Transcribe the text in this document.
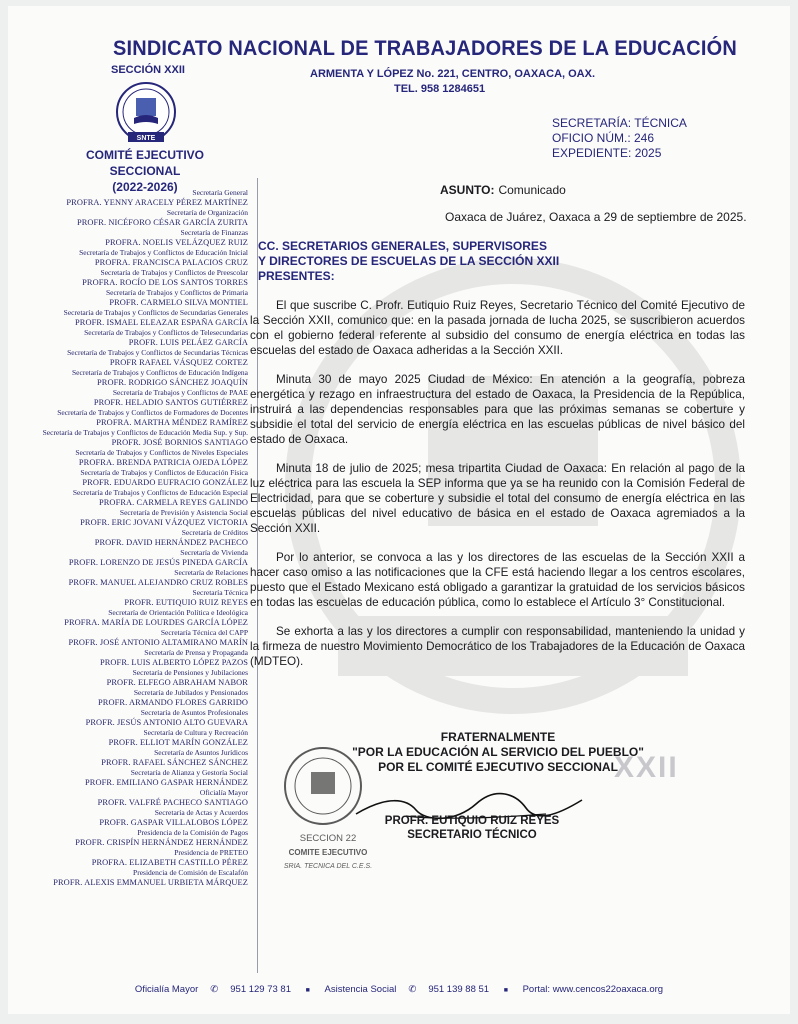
SINDICATO NACIONAL DE TRABAJADORES DE LA EDUCACIÓN
SECCIÓN XXII	ARMENTA Y LÓPEZ No. 221, CENTRO, OAXACA, OAX.
TEL. 958 1284651
SNTE
COMITÉ EJECUTIVO SECCIONAL
(2022-2026)
SECRETARÍA: TÉCNICA
OFICIO NÚM.: 246
EXPEDIENTE: 2025
ASUNTO: Comunicado
Oaxaca de Juárez, Oaxaca a 29 de septiembre de 2025.
Secretaría General
PROFRA. YENNY ARACELY PÉREZ MARTÍNEZ
Secretaría de Organización
PROFR. NICÉFORO CÉSAR GARCÍA ZURITA
Secretaría de Finanzas
PROFRA. NOELIS VELÁZQUEZ RUIZ
Secretaría de Trabajos y Conflictos de Educación Inicial
PROFRA. FRANCISCA PALACIOS CRUZ
Secretaría de Trabajos y Conflictos de Preescolar
PROFRA. ROCÍO DE LOS SANTOS TORRES
Secretaría de Trabajos y Conflictos de Primaria
PROFR. CARMELO SILVA MONTIEL
Secretaría de Trabajos y Conflictos de Secundarias Generales
PROFR. ISMAEL ELEAZAR ESPAÑA GARCÍA
Secretaría de Trabajos y Conflictos de Telesecundarias
PROFR. LUIS PELÁEZ GARCÍA
Secretaría de Trabajos y Conflictos de Secundarias Técnicas
PROFR RAFAEL VÁSQUEZ CORTEZ
Secretaría de Trabajos y Conflictos de Educación Indígena
PROFR. RODRIGO SÁNCHEZ JOAQUÍN
Secretaría de Trabajos y Conflictos de PAAE
PROFR. HELADIO SANTOS GUTIÉRREZ
Secretaría de Trabajos y Conflictos de Formadores de Docentes
PROFRA. MARTHA MÉNDEZ RAMÍREZ
Secretaría de Trabajos y Conflictos de Educación Media Sup. y Sup.
PROFR. JOSÉ BORNIOS SANTIAGO
Secretaría de Trabajos y Conflictos de Niveles Especiales
PROFRA. BRENDA PATRICIA OJEDA LÓPEZ
Secretaría de Trabajos y Conflictos de Educación Física
PROFR. EDUARDO EUFRACIO GONZÁLEZ
Secretaría de Trabajos y Conflictos de Educación Especial
PROFRA. CARMELA REYES GALINDO
Secretaría de Previsión y Asistencia Social
PROFR. ERIC JOVANI VÁZQUEZ VICTORIA
Secretaría de Créditos
PROFR. DAVID HERNÁNDEZ PACHECO
Secretaría de Vivienda
PROFR. LORENZO DE JESÚS PINEDA GARCÍA
Secretaría de Relaciones
PROFR. MANUEL ALEJANDRO CRUZ ROBLES
Secretaría Técnica
PROFR. EUTIQUIO RUIZ REYES
Secretaría de Orientación Política e Ideológica
PROFRA. MARÍA DE LOURDES GARCÍA LÓPEZ
Secretaría Técnica del CAPP
PROFR. JOSÉ ANTONIO ALTAMIRANO MARÍN
Secretaría de Prensa y Propaganda
PROFR. LUIS ALBERTO LÓPEZ PAZOS
Secretaría de Pensiones y Jubilaciones
PROFR. ELFEGO ABRAHAM NABOR
Secretaría de Jubilados y Pensionados
PROFR. ARMANDO FLORES GARRIDO
Secretaría de Asuntos Profesionales
PROFR. JESÚS ANTONIO ALTO GUEVARA
Secretaría de Cultura y Recreación
PROFR. ELLIOT MARÍN GONZÁLEZ
Secretaría de Asuntos Jurídicos
PROFR. RAFAEL SÁNCHEZ SÁNCHEZ
Secretaría de Alianza y Gestoría Social
PROFR. EMILIANO GASPAR HERNÁNDEZ
Oficialía Mayor
PROFR. VALFRÉ PACHECO SANTIAGO
Secretaría de Actas y Acuerdos
PROFR. GASPAR VILLALOBOS LÓPEZ
Presidencia de la Comisión de Pagos
PROFR. CRISPÍN HERNÁNDEZ HERNÁNDEZ
Presidencia de PRETEO
PROFRA. ELIZABETH CASTILLO PÉREZ
Presidencia de Comisión de Escalafón
PROFR. ALEXIS EMMANUEL URBIETA MÁRQUEZ
CC. SECRETARIOS GENERALES, SUPERVISORES
Y DIRECTORES DE ESCUELAS DE LA SECCIÓN XXII
PRESENTES:

El que suscribe C. Profr. Eutiquio Ruiz Reyes, Secretario Técnico del Comité Ejecutivo de la Sección XXII, comunico que: en la pasada jornada de lucha 2025, se suscribieron acuerdos con el gobierno federal referente al subsidio del consumo de energía eléctrica en todas las escuelas del estado de Oaxaca adheridas a la Sección XXII.

Minuta 30 de mayo 2025 Ciudad de México: En atención a la geografía, pobreza energética y rezago en infraestructura del estado de Oaxaca, la Presidencia de la República, instruirá a las dependencias responsables para que las próximas semanas se coberture y subsidie el total del servicio de energía eléctrica en las escuelas públicas de nivel básico del estado de Oaxaca.

Minuta 18 de julio de 2025; mesa tripartita Ciudad de Oaxaca: En relación al pago de la luz eléctrica para las escuela la SEP informa que ya se ha reunido con la Comisión Federal de Electricidad, para que se coberture y subsidie el total del consumo de energía eléctrica en las escuelas públicas del nivel educativo de básica en el estado de Oaxaca agremiados a la Sección XXII.

Por lo anterior, se convoca a las y los directores de las escuelas de la Sección XXII a hacer caso omiso a las notificaciones que la CFE está haciendo llegar a los centros escolares, puesto que el Estado Mexicano está obligado a garantizar la gratuidad de los servicios básicos en todas las escuelas de educación pública, como lo establece el Artículo 3° Constitucional.

Se exhorta a las y los directores a cumplir con responsabilidad, manteniendo la unidad y la firmeza de nuestro Movimiento Democrático de los Trabajadores de la Educación de Oaxaca (MDTEO).

FRATERNALMENTE
"POR LA EDUCACIÓN AL SERVICIO DEL PUEBLO"
POR EL COMITÉ EJECUTIVO SECCIONAL
XXII
SECCION 22
COMITE EJECUTIVO
SRIA. TECNICA DEL C.E.S.
PROFR. EUTIQUIO RUIZ REYES
SECRETARIO TÉCNICO
Oficialía Mayor ✆ 951 129 73 81 ■ Asistencia Social ✆ 951 139 88 51 ■ Portal: www.cencos22oaxaca.org
